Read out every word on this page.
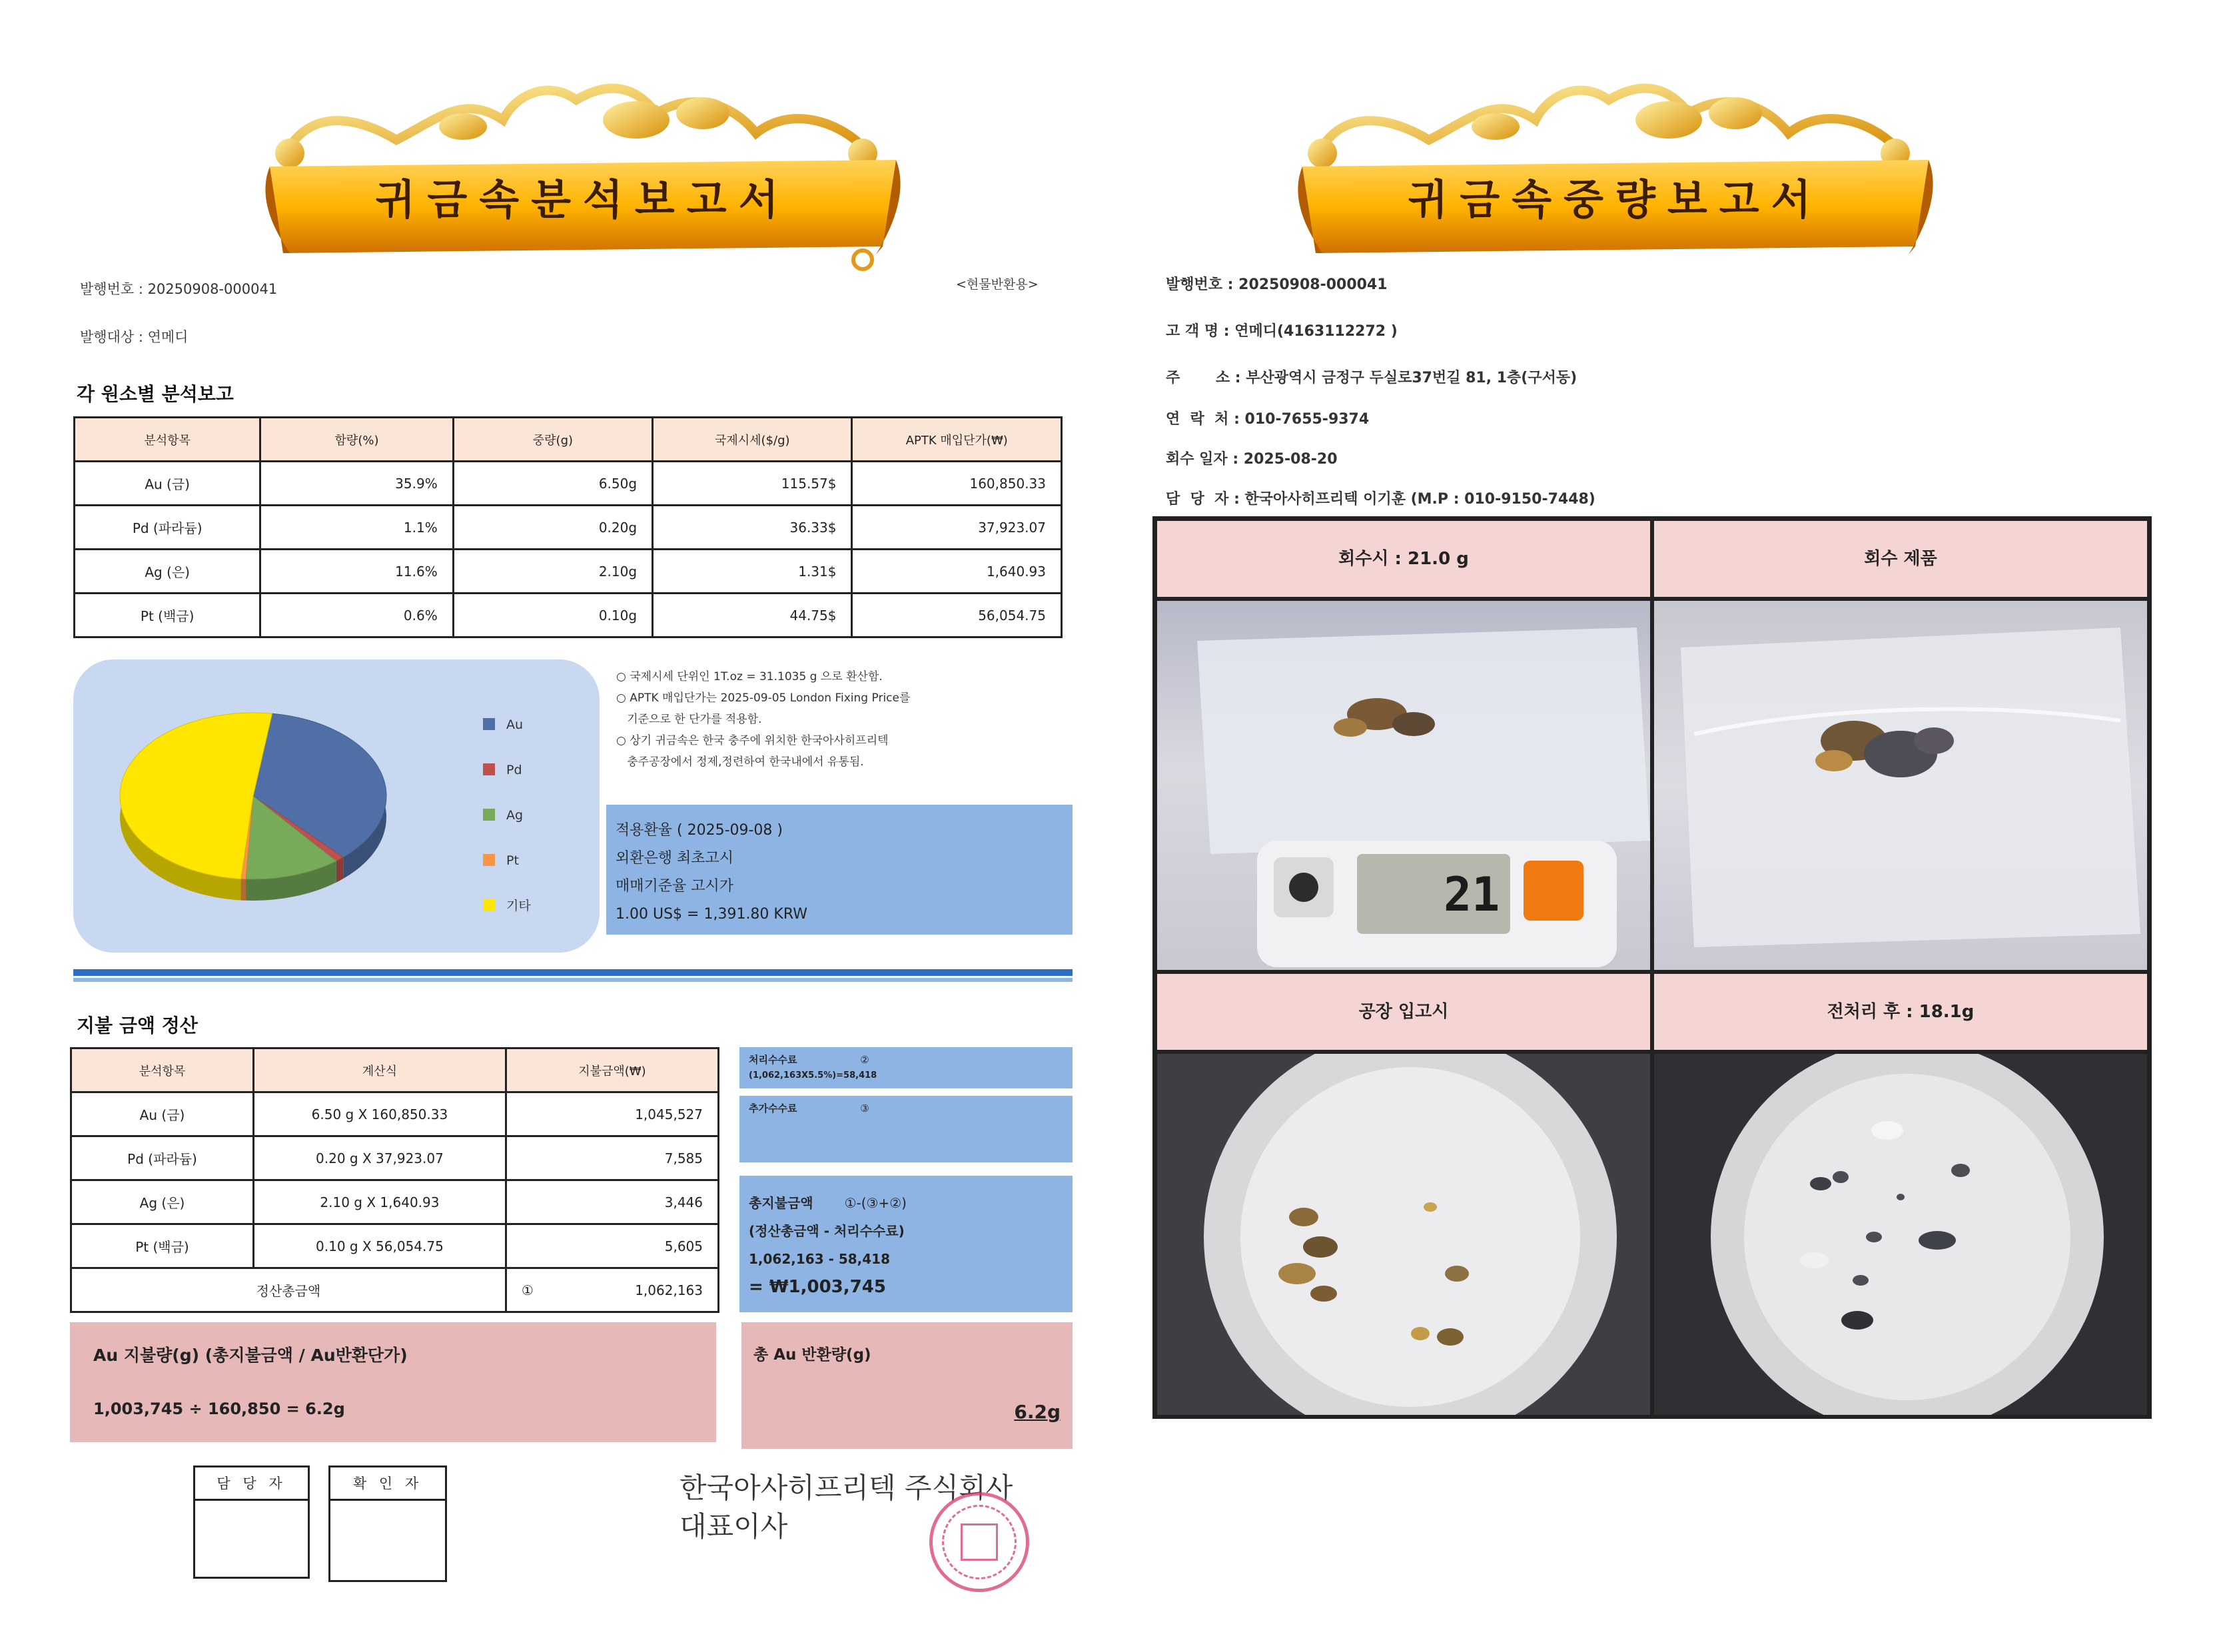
귀금속분석보고서
발행번호 : 20250908-000041	<현물반환용>
발행대상 : 연메디
각 원소별 분석보고
분석항목	함량(%)	중량(g)	국제시세($/g)	APTK 매입단가(₩)
Au (금)	35.9%	6.50g	115.57$	160,850.33
Pd (파라듐)	1.1%	0.20g	36.33$	37,923.07
Ag (은)	11.6%	2.10g	1.31$	1,640.93
Pt (백금)	0.6%	0.10g	44.75$	56,054.75
Au
Pd
Ag
Pt
기타
○ 국제시세 단위인 1T.oz = 31.1035 g 으로 환산함.
○ APTK 매입단가는 2025-09-05 London Fixing Price를
기준으로 한 단가를 적용함.
○ 상기 귀금속은 한국 충주에 위치한 한국아사히프리텍
충주공장에서 정제,정련하여 한국내에서 유통됨.
적용환율 ( 2025-09-08 )
외환은행 최초고시
매매기준율 고시가
1.00 US$ = 1,391.80 KRW
지불 금액 정산
분석항목	계산식	지불금액(₩)
Au (금)	6.50 g X 160,850.33	1,045,527
Pd (파라듐)	0.20 g X 37,923.07	7,585
Ag (은)	2.10 g X 1,640.93	3,446
Pt (백금)	0.10 g X 56,054.75	5,605
정산총금액		① 1,062,163
처리수수료	②
(1,062,163X5.5%)=58,418
추가수수료	③
총지불금액 ①-(③+②)
(정산총금액 - 처리수수료)
1,062,163 - 58,418
= ₩1,003,745
Au 지불량(g) (총지불금액 / Au반환단가)
1,003,745 ÷ 160,850 = 6.2g
총 Au 반환량(g)
6.2g
담 당 자	확 인 자	한국아사히프리텍 주식회사
대표이사
귀금속중량보고서
발행번호 : 20250908-000041
고 객 명 : 연메디(4163112272 )
주       소 : 부산광역시 금정구 두실로37번길 81, 1층(구서동)
연  락  처 : 010-7655-9374
회수 일자 : 2025-08-20
담  당  자 : 한국아사히프리텍 이기훈 (M.P : 010-9150-7448)
회수시 : 21.0 g	회수 제품
21
공장 입고시	전처리 후 : 18.1g
